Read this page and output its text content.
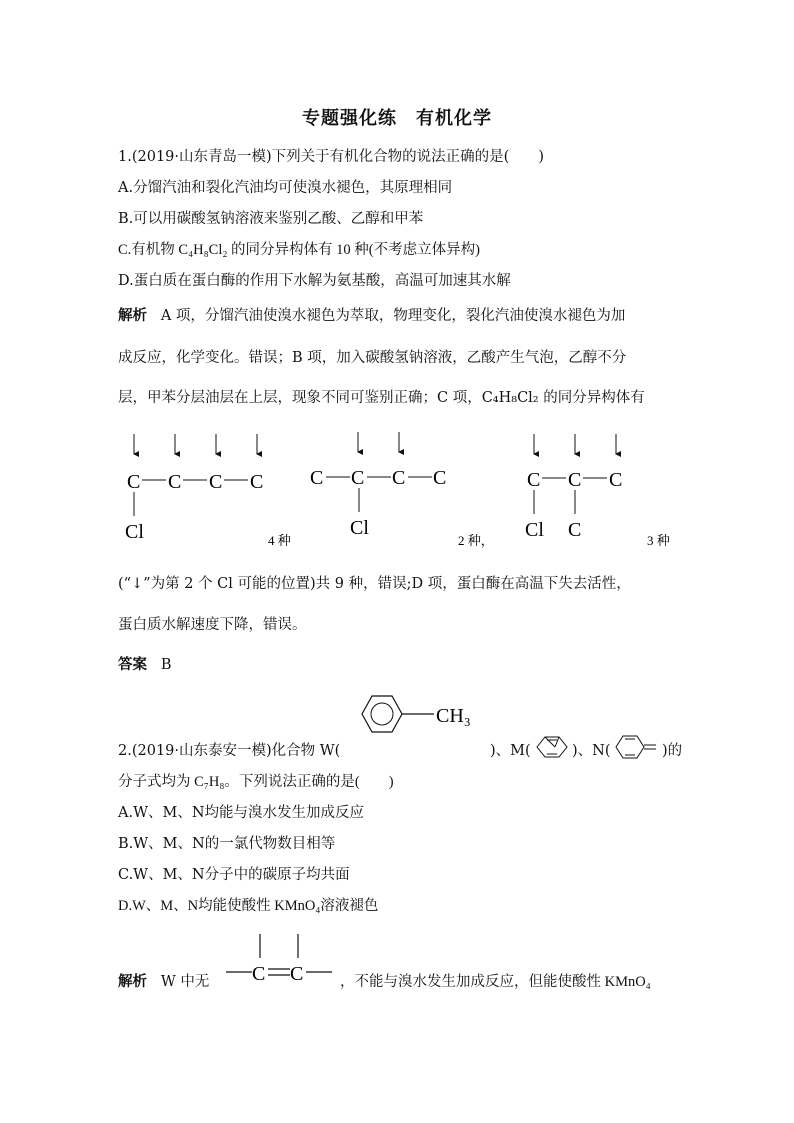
专题强化练　有机化学
1.(2019·山东青岛一模)下列关于有机化合物的说法正确的是(　　)
A.分馏汽油和裂化汽油均可使溴水褪色，其原理相同
B.可以用碳酸氢钠溶液来鉴别乙酸、乙醇和甲苯
C.有机物 C₄H₈Cl₂ 的同分异构体有 10 种(不考虑立体异构)
D.蛋白质在蛋白酶的作用下水解为氨基酸，高温可加速其水解
解析 A 项，分馏汽油使溴水褪色为萃取，物理变化，裂化汽油使溴水褪色为加
成反应，化学变化。错误；B 项，加入碳酸氢钠溶液，乙酸产生气泡，乙醇不分
层，甲苯分层油层在上层，现象不同可鉴别正确；C 项，C₄H₈Cl₂ 的同分异构体有
C C C C
Cl	4 种
C C C C
Cl
2 种，
C C C
Cl C	3 种
(“↓”为第 2 个 Cl 可能的位置)共 9 种，错误;D 项，蛋白酶在高温下失去活性，
蛋白质水解速度下降，错误。
答案 B
CH₃
2.(2019·山东泰安一模)化合物 W(	)、M(	)、N(	)的
分子式均为 C₇H₈。下列说法正确的是(　　)
A.W、M、N均能与溴水发生加成反应
B.W、M、N的一氯代物数目相等
C.W、M、N分子中的碳原子均共面
D.W、M、N均能使酸性 KMnO₄溶液褪色
解析 W 中无 C C	，不能与溴水发生加成反应，但能使酸性 KMnO₄
